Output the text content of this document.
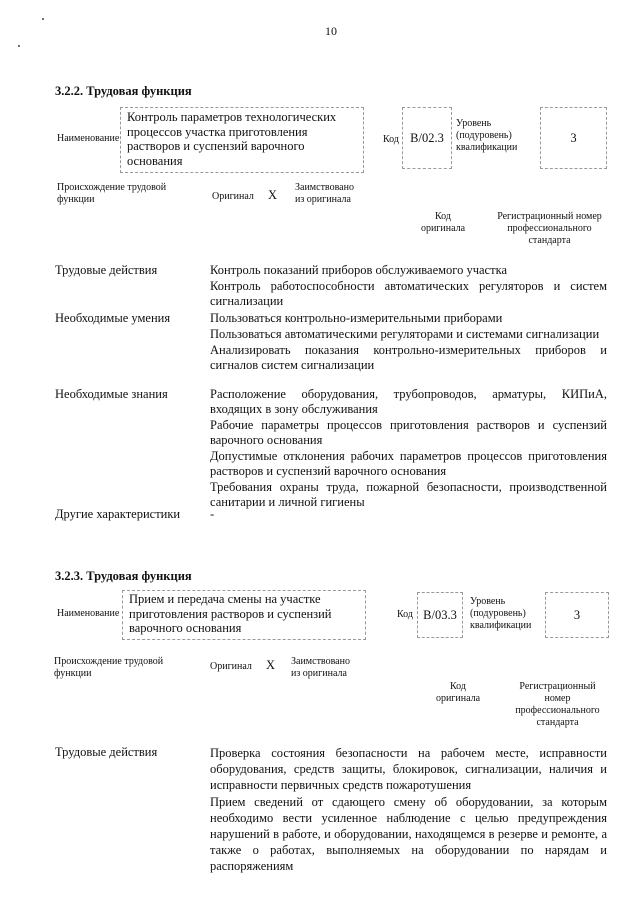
10
3.2.2. Трудовая функция
Наименование
Контроль параметров технологических процессов участка приготовления растворов и суспензий варочного основания
Код В/02.3
Уровень (подуровень) квалификации
3
Происхождение трудовой функции	Оригинал X
Заимствовано из оригинала
Код оригинала
Регистрационный номер профессионального стандарта
Трудовые действия	Контроль показаний приборов обслуживаемого участка

Контроль работоспособности автоматических регуляторов и систем сигнализации

Необходимые умения	Пользоваться контрольно-измерительными приборами

Пользоваться автоматическими регуляторами и системами сигнализации

Анализировать показания контрольно-измерительных приборов и сигналов систем сигнализации

Необходимые знания	Расположение оборудования, трубопроводов, арматуры, КИПиА, входящих в зону обслуживания

Рабочие параметры процессов приготовления растворов и суспензий варочного основания

Допустимые отклонения рабочих параметров процессов приготовления растворов и суспензий варочного основания

Требования охраны труда, пожарной безопасности, производственной санитарии и личной гигиены

Другие характеристики -

3.2.3. Трудовая функция
Наименование
Прием и передача смены на участке приготовления растворов и суспензий варочного основания
Код В/03.3
Уровень (подуровень) квалификации
3
Происхождение трудовой функции
Оригинал X Заимствовано из оригинала
Код оригинала
Регистрационный номер профессионального стандарта
Трудовые действия	Проверка состояния безопасности на рабочем месте, исправности оборудования, средств защиты, блокировок, сигнализации, наличия и исправности первичных средств пожаротушения

Прием сведений от сдающего смену об оборудовании, за которым необходимо вести усиленное наблюдение с целью предупреждения нарушений в работе, и оборудовании, находящемся в резерве и ремонте, а также о работах, выполняемых на оборудовании по нарядам и распоряжениям
